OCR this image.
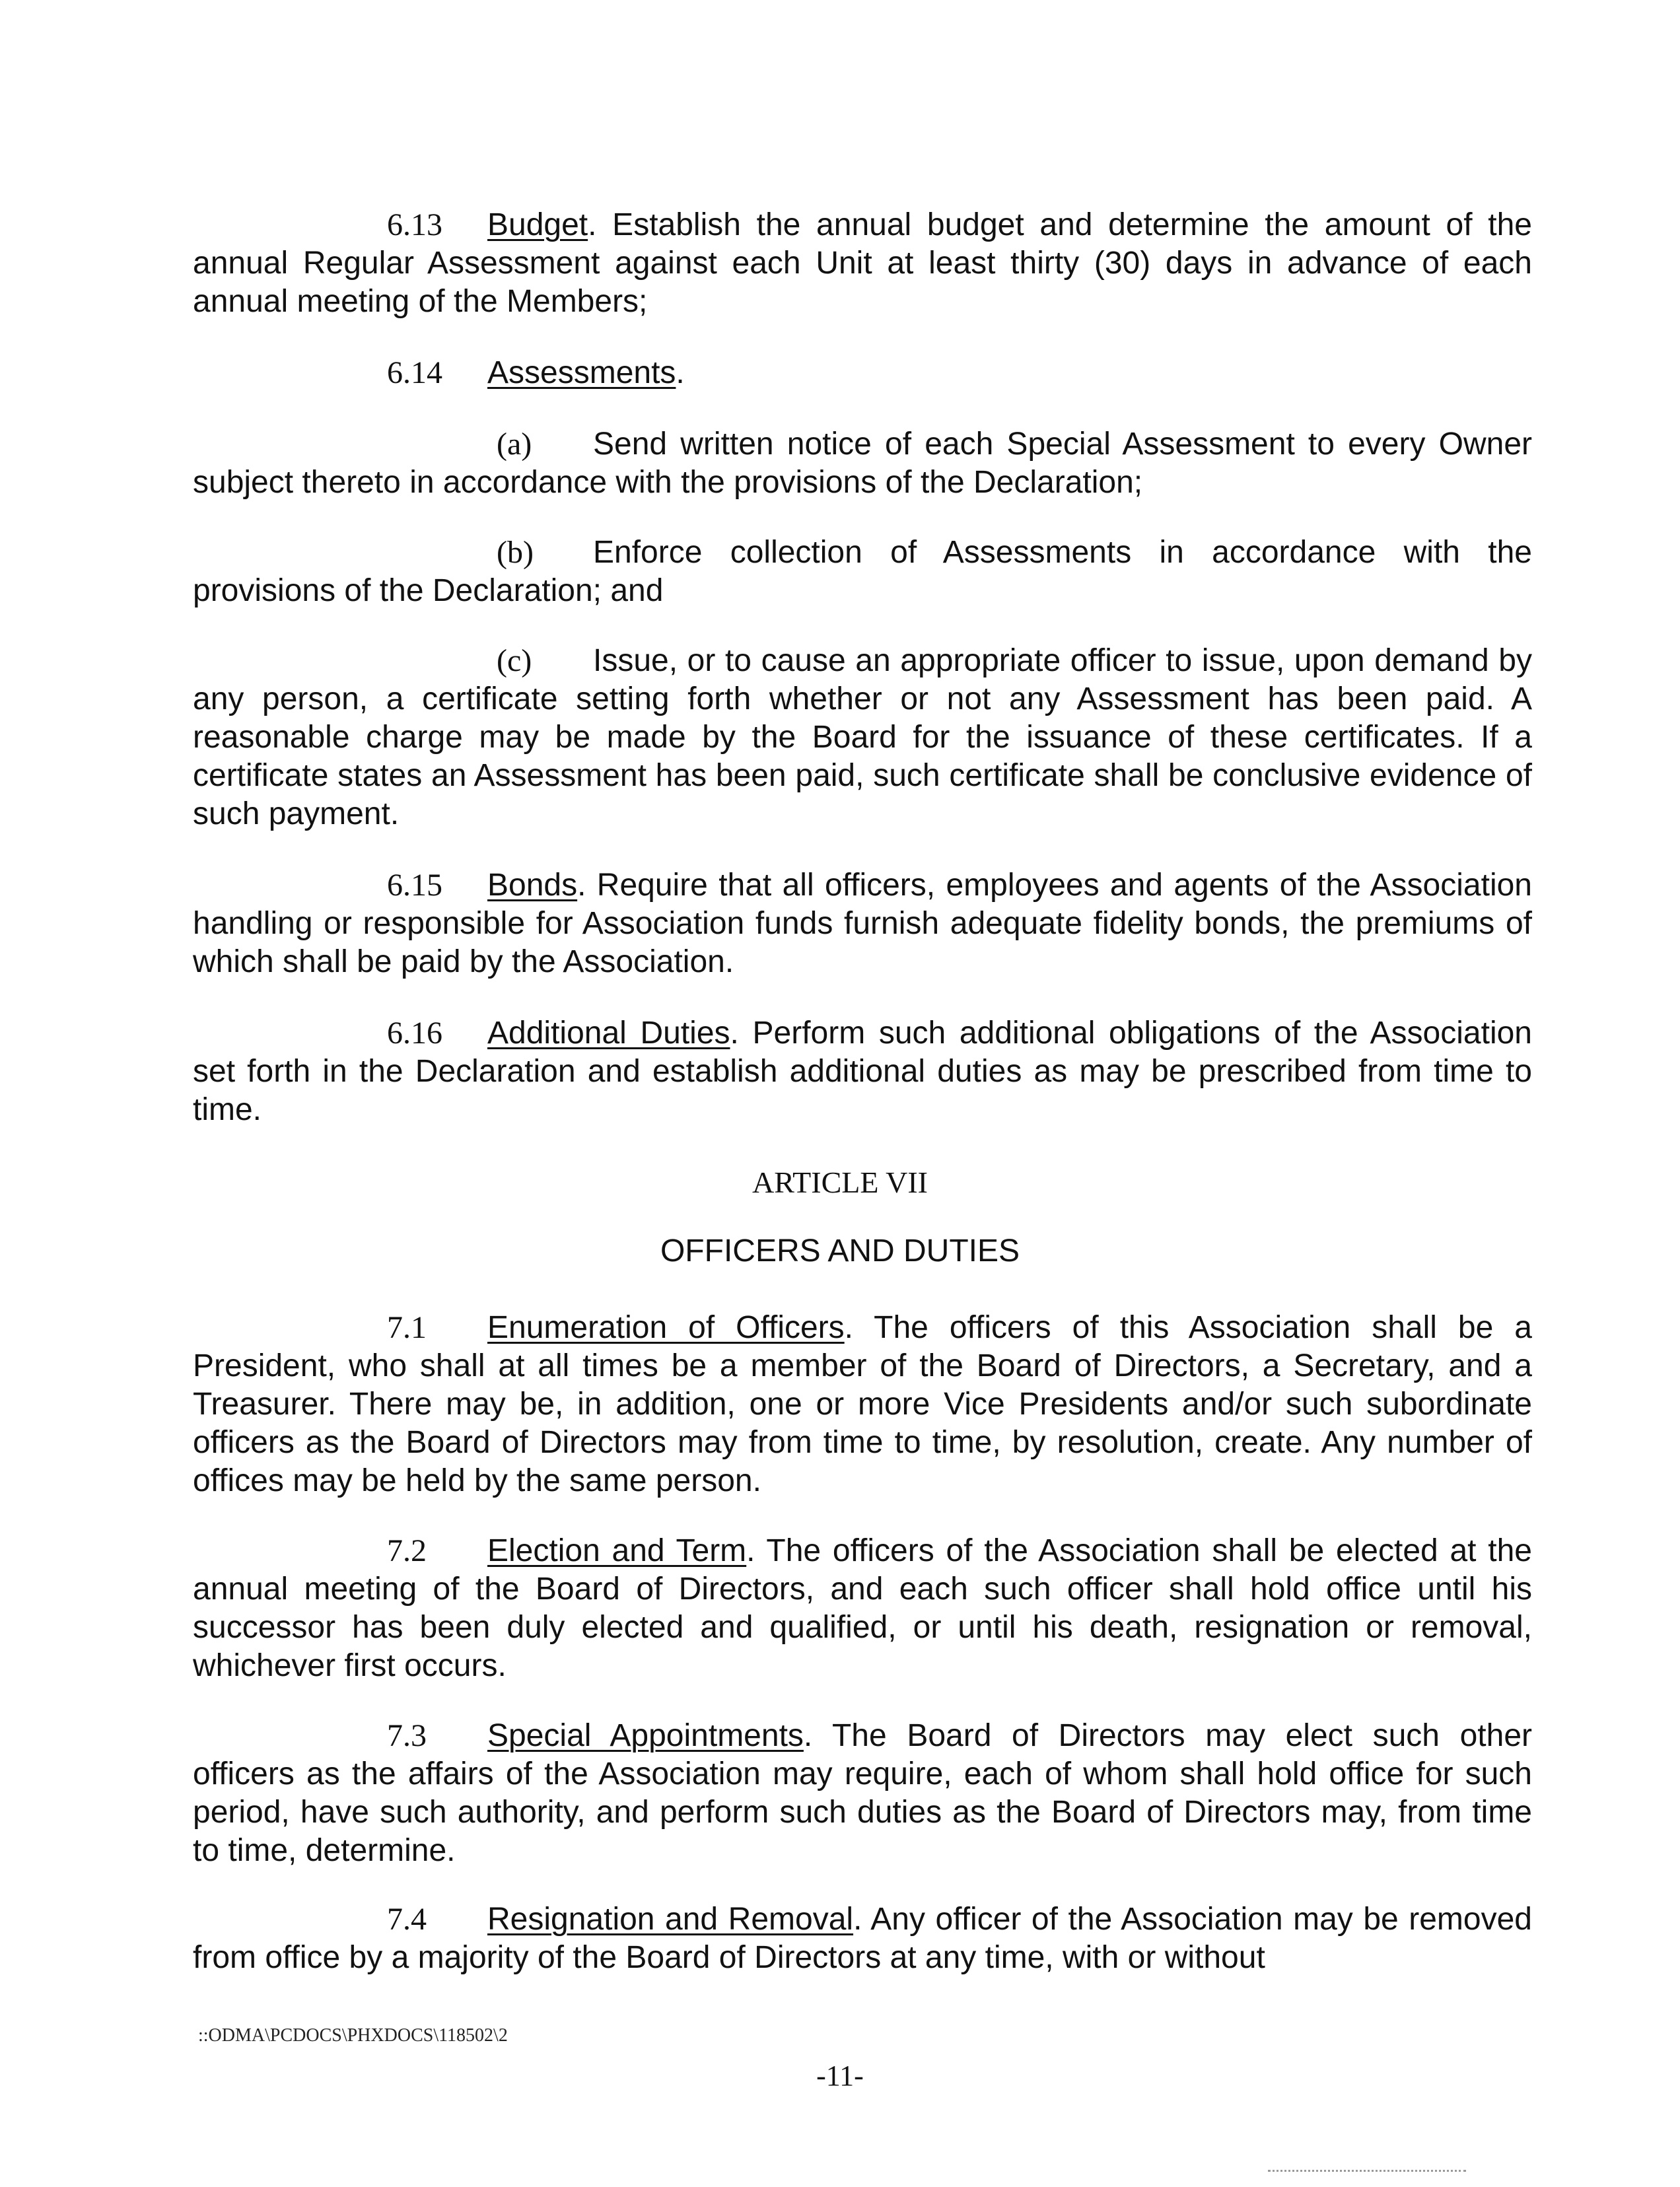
6.13 Budget. Establish the annual budget and determine the amount of the annual Regular Assessment against each Unit at least thirty (30) days in advance of each annual meeting of the Members;

6.14 Assessments.

(a) Send written notice of each Special Assessment to every Owner subject thereto in accordance with the provisions of the Declaration;

(b) Enforce collection of Assessments in accordance with the provisions of the Declaration; and

(c) Issue, or to cause an appropriate officer to issue, upon demand by any person, a certificate setting forth whether or not any Assessment has been paid. A reasonable charge may be made by the Board for the issuance of these certificates. If a certificate states an Assessment has been paid, such certificate shall be conclusive evidence of such payment.

6.15 Bonds. Require that all officers, employees and agents of the Association handling or responsible for Association funds furnish adequate fidelity bonds, the premiums of which shall be paid by the Association.

6.16 Additional Duties. Perform such additional obligations of the Association set forth in the Declaration and establish additional duties as may be prescribed from time to time.

ARTICLE VII

OFFICERS AND DUTIES

7.1 Enumeration of Officers. The officers of this Association shall be a President, who shall at all times be a member of the Board of Directors, a Secretary, and a Treasurer. There may be, in addition, one or more Vice Presidents and/or such subordinate officers as the Board of Directors may from time to time, by resolution, create. Any number of offices may be held by the same person.

7.2 Election and Term. The officers of the Association shall be elected at the annual meeting of the Board of Directors, and each such officer shall hold office until his successor has been duly elected and qualified, or until his death, resignation or removal, whichever first occurs.

7.3 Special Appointments. The Board of Directors may elect such other officers as the affairs of the Association may require, each of whom shall hold office for such period, have such authority, and perform such duties as the Board of Directors may, from time to time, determine.

7.4 Resignation and Removal. Any officer of the Association may be removed from office by a majority of the Board of Directors at any time, with or without

::ODMA\PCDOCS\PHXDOCS\118502\2
-11-
